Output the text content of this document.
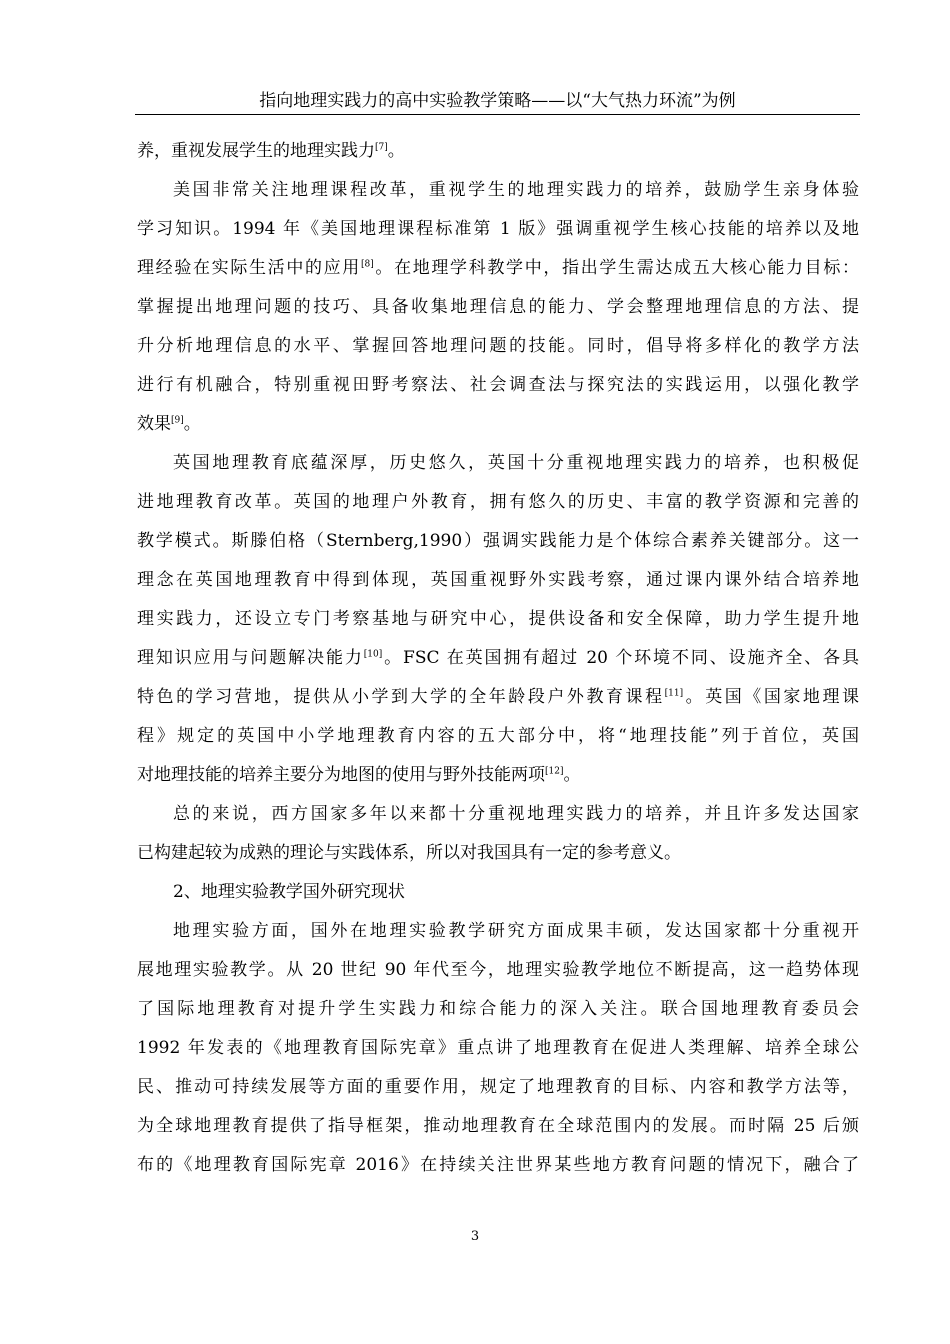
指向地理实践力的高中实验教学策略——以“大气热力环流”为例
养，重视发展学生的地理实践力[7]。
美国非常关注地理课程改革，重视学生的地理实践力的培养，鼓励学生亲身体验
学习知识。1994 年《美国地理课程标准第 1 版》强调重视学生核心技能的培养以及地
理经验在实际生活中的应用[8]。在地理学科教学中，指出学生需达成五大核心能力目标：
掌握提出地理问题的技巧、具备收集地理信息的能力、学会整理地理信息的方法、提
升分析地理信息的水平、掌握回答地理问题的技能。同时，倡导将多样化的教学方法
进行有机融合，特别重视田野考察法、社会调查法与探究法的实践运用，以强化教学
效果[9]。
英国地理教育底蕴深厚，历史悠久，英国十分重视地理实践力的培养，也积极促
进地理教育改革。英国的地理户外教育，拥有悠久的历史、丰富的教学资源和完善的
教学模式。斯滕伯格（Sternberg,1990）强调实践能力是个体综合素养关键部分。这一
理念在英国地理教育中得到体现，英国重视野外实践考察，通过课内课外结合培养地
理实践力，还设立专门考察基地与研究中心，提供设备和安全保障，助力学生提升地
理知识应用与问题解决能力[10]。FSC 在英国拥有超过 20 个环境不同、设施齐全、各具
特色的学习营地，提供从小学到大学的全年龄段户外教育课程[11]。英国《国家地理课
程》规定的英国中小学地理教育内容的五大部分中，将“地理技能”列于首位，英国
对地理技能的培养主要分为地图的使用与野外技能两项[12]。
总的来说，西方国家多年以来都十分重视地理实践力的培养，并且许多发达国家
已构建起较为成熟的理论与实践体系，所以对我国具有一定的参考意义。
2、地理实验教学国外研究现状
地理实验方面，国外在地理实验教学研究方面成果丰硕，发达国家都十分重视开
展地理实验教学。从 20 世纪 90 年代至今，地理实验教学地位不断提高，这一趋势体现
了国际地理教育对提升学生实践力和综合能力的深入关注。联合国地理教育委员会
1992 年发表的《地理教育国际宪章》重点讲了地理教育在促进人类理解、培养全球公
民、推动可持续发展等方面的重要作用，规定了地理教育的目标、内容和教学方法等，
为全球地理教育提供了指导框架，推动地理教育在全球范围内的发展。而时隔 25 后颁
布的《地理教育国际宪章 2016》在持续关注世界某些地方教育问题的情况下，融合了
3
